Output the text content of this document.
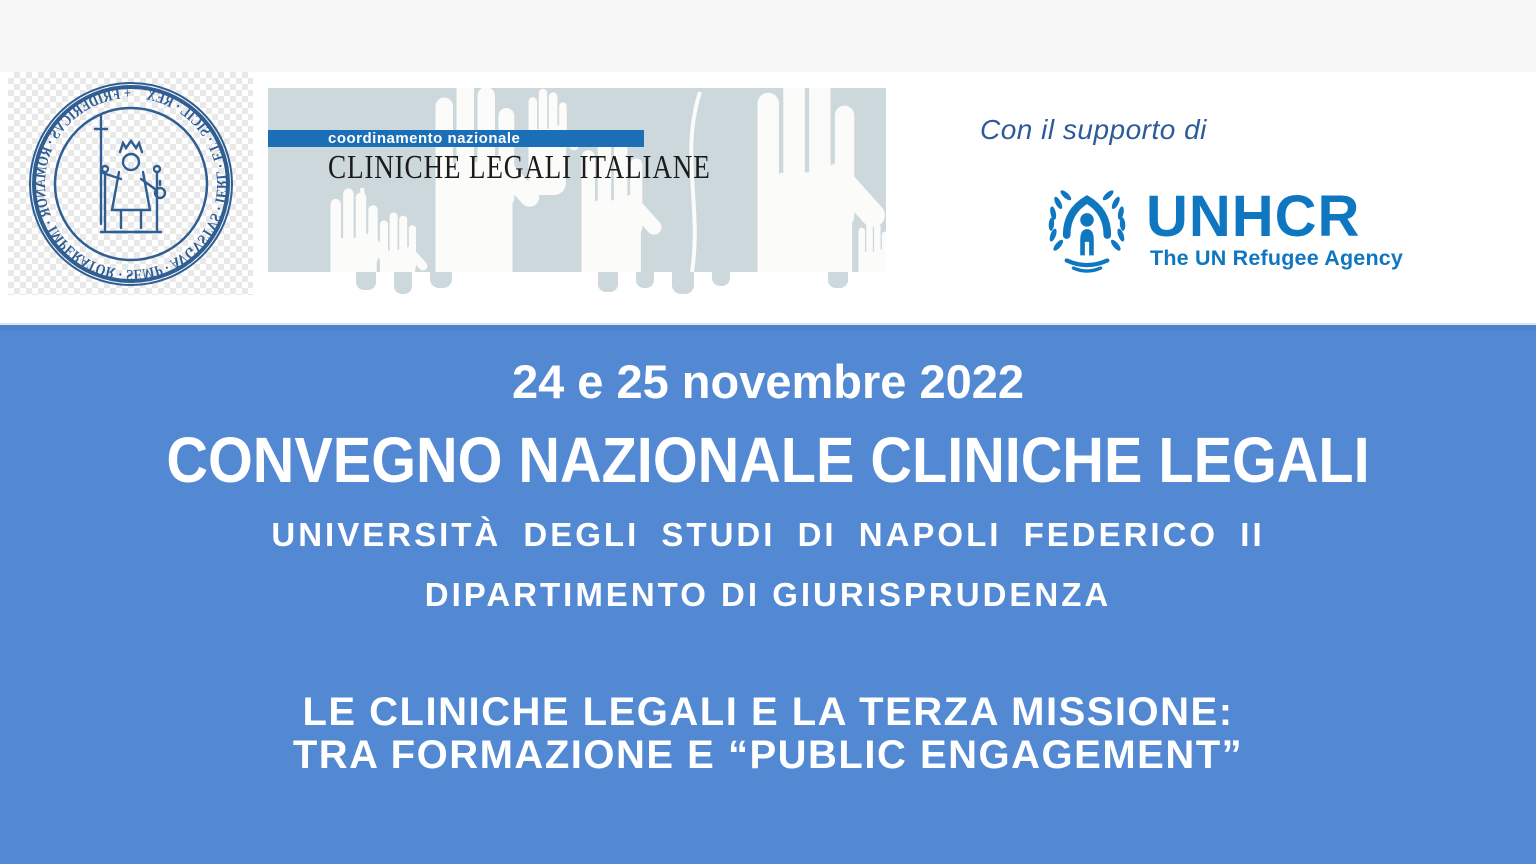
+ FRIDERICVS · ROMANOR · IMPERATOR · SEMP · AVGVSTVS · IERL · ET · SICIL · REX
coordinamento nazionale
CLINICHE LEGALI ITALIANE
Con il supporto di
UNHCR
The UN Refugee Agency
24 e 25 novembre 2022
CONVEGNO NAZIONALE CLINICHE LEGALI
UNIVERSITÀ DEGLI STUDI DI NAPOLI FEDERICO II
DIPARTIMENTO DI GIURISPRUDENZA
LE CLINICHE LEGALI E LA TERZA MISSIONE:
TRA FORMAZIONE E “PUBLIC ENGAGEMENT”
